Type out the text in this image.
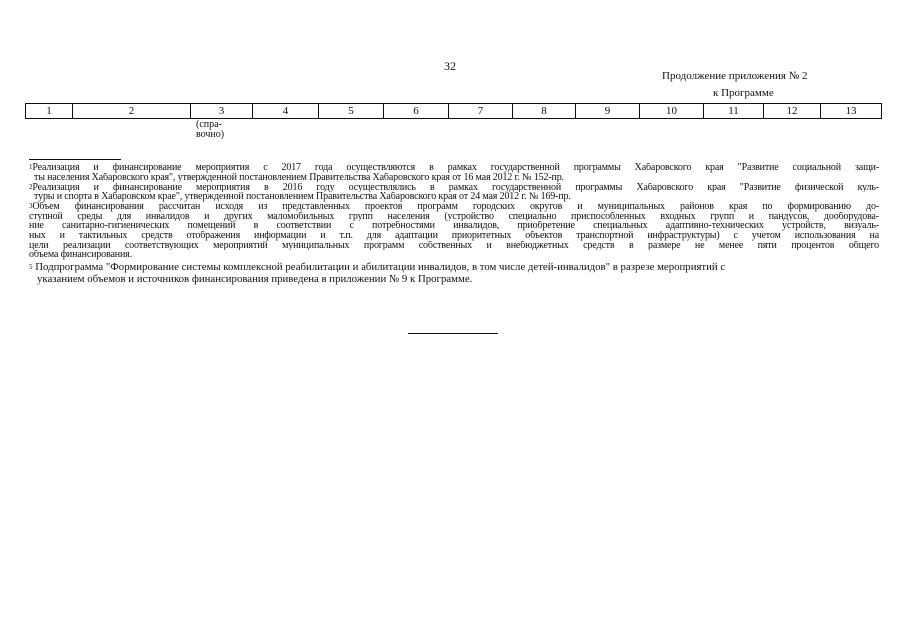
32
Продолжение приложения № 2
к Программе
1	2	3	4	5	6	7	8	9	10	11	12	13
(спра-
вочно)
$^1$Реализация и финансирование мероприятия с 2017 года осуществляются в рамках государственной программы Хабаровского края "Развитие социальной защи-
ты населения Хабаровского края", утвержденной постановлением Правительства Хабаровского края от 16 мая 2012 г. № 152-пр.
$^2$Реализация и финансирование мероприятия в 2016 году осуществлялись в рамках государственной программы Хабаровского края "Развитие физической куль-
туры и спорта в Хабаровском крае", утвержденной постановлением Правительства Хабаровского края от 24 мая 2012 г. № 169-пр.
$^3$Объем финансирования рассчитан исходя из представленных проектов программ городских округов и муниципальных районов края по формированию до-
ступной среды для инвалидов и других маломобильных групп населения (устройство специально приспособленных входных групп и пандусов, дооборудова-
ние санитарно-гигиенических помещений в соответствии с потребностями инвалидов, приобретение специальных адаптивно-технических устройств, визуаль-
ных и тактильных средств отображения информации и т.п. для адаптации приоритетных объектов транспортной инфраструктуры) с учетом использования на
цели реализации соответствующих мероприятий муниципальных программ собственных и внебюджетных средств в размере не менее пяти процентов общего
объема финансирования.
$^5$ Подпрограмма "Формирование системы комплексной реабилитации и абилитации инвалидов, в том числе детей-инвалидов" в разрезе мероприятий с
указанием объемов и источников финансирования приведена в приложении № 9 к Программе.
